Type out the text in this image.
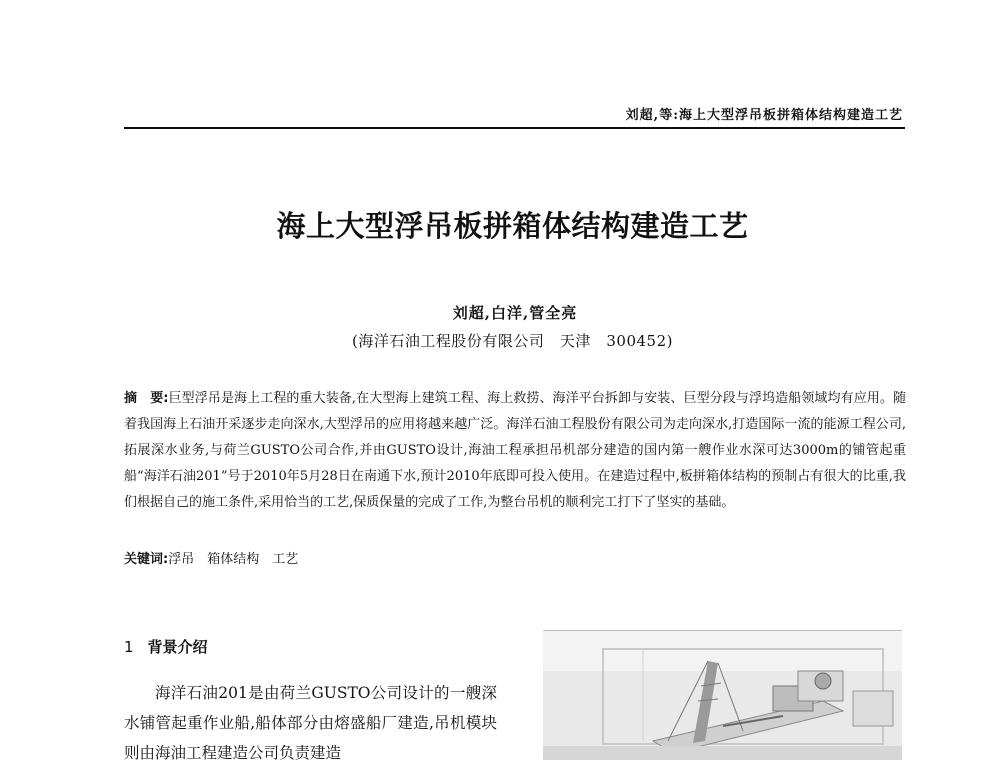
刘超,等:海上大型浮吊板拼箱体结构建造工艺
海上大型浮吊板拼箱体结构建造工艺
刘超,白洋,管全亮
(海洋石油工程股份有限公司　天津　300452)
摘　要:巨型浮吊是海上工程的重大装备,在大型海上建筑工程、海上救捞、海洋平台拆卸与安装、巨型分段与浮坞造船领域均有应用。随着我国海上石油开采逐步走向深水,大型浮吊的应用将越来越广泛。海洋石油工程股份有限公司为走向深水,打造国际一流的能源工程公司,拓展深水业务,与荷兰GUSTO公司合作,并由GUSTO设计,海油工程承担吊机部分建造的国内第一艘作业水深可达3000m的铺管起重船“海洋石油201”号于2010年5月28日在南通下水,预计2010年底即可投入使用。在建造过程中,板拼箱体结构的预制占有很大的比重,我们根据自己的施工条件,采用恰当的工艺,保质保量的完成了工作,为整台吊机的顺利完工打下了坚实的基础。
关键词:浮吊　箱体结构　工艺
1 背景介绍
海洋石油201是由荷兰GUSTO公司设计的一艘深水铺管起重作业船,船体部分由熔盛船厂建造,吊机模块则由海油工程建造公司负责建造
